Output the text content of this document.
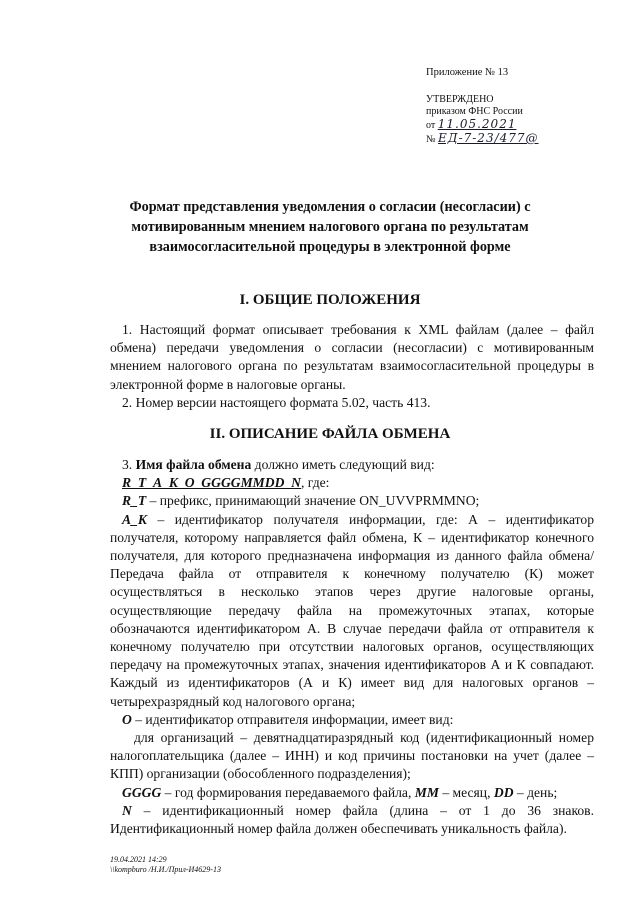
Приложение № 13
УТВЕРЖДЕНО
приказом ФНС России
от 11.05.2021
№ ЕД-7-23/477@
Формат представления уведомления о согласии (несогласии) с
мотивированным мнением налогового органа по результатам
взаимосогласительной процедуры в электронной форме
I. ОБЩИЕ ПОЛОЖЕНИЯ

1. Настоящий формат описывает требования к XML файлам (далее – файл обмена) передачи уведомления о согласии (несогласии) с мотивированным мнением налогового органа по результатам взаимосогласительной процедуры в электронной форме в налоговые органы.

2. Номер версии настоящего формата 5.02, часть 413.

II. ОПИСАНИЕ ФАЙЛА ОБМЕНА

3. Имя файла обмена должно иметь следующий вид:

R_T_A_K_O_GGGGMMDD_N, где:

R_T – префикс, принимающий значение ON_UVVPRMMNO;

A_K – идентификатор получателя информации, где: А – идентификатор получателя, которому направляется файл обмена, К – идентификатор конечного получателя, для которого предназначена информация из данного файла обмена/ Передача файла от отправителя к конечному получателю (К) может осуществляться в несколько этапов через другие налоговые органы, осуществляющие передачу файла на промежуточных этапах, которые обозначаются идентификатором А. В случае передачи файла от отправителя к конечному получателю при отсутствии налоговых органов, осуществляющих передачу на промежуточных этапах, значения идентификаторов А и К совпадают. Каждый из идентификаторов (А и К) имеет вид для налоговых органов – четырехразрядный код налогового органа;

O – идентификатор отправителя информации, имеет вид:

для организаций – девятнадцатиразрядный код (идентификационный номер налогоплательщика (далее – ИНН) и код причины постановки на учет (далее – КПП) организации (обособленного подразделения);

GGGG – год формирования передаваемого файла, MM – месяц, DD – день;

N – идентификационный номер файла (длина – от 1 до 36 знаков. Идентификационный номер файла должен обеспечивать уникальность файла).

19.04.2021 14:29
\\kompburo /Н.И./Прил-И4629-13
